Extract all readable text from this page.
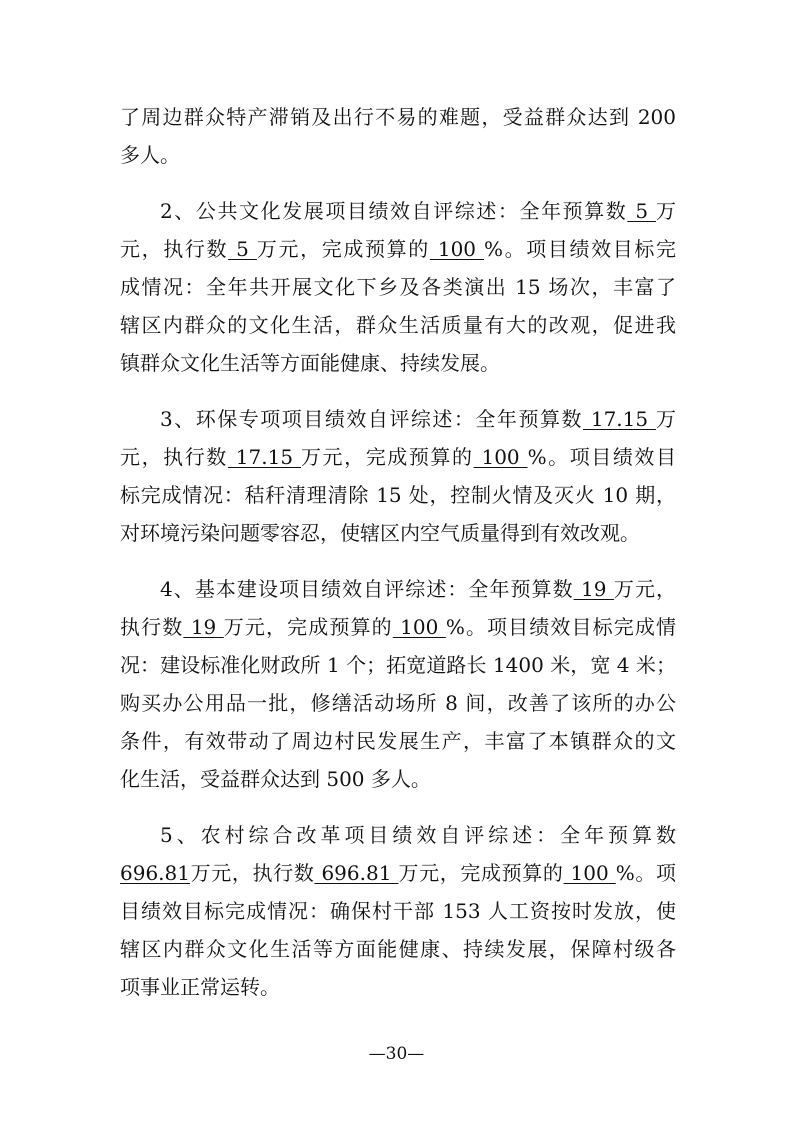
了周边群众特产滞销及出行不易的难题，受益群众达到 200
多人。
2、公共文化发展项目绩效自评综述：全年预算数 5 万
元，执行数 5 万元，完成预算的 100 %。项目绩效目标完
成情况：全年共开展文化下乡及各类演出 15 场次，丰富了
辖区内群众的文化生活，群众生活质量有大的改观，促进我
镇群众文化生活等方面能健康、持续发展。
3、环保专项项目绩效自评综述：全年预算数 17.15 万
元，执行数 17.15 万元，完成预算的 100 %。项目绩效目
标完成情况：秸秆清理清除 15 处，控制火情及灭火 10 期，
对环境污染问题零容忍，使辖区内空气质量得到有效改观。
4、基本建设项目绩效自评综述：全年预算数 19 万元，
执行数 19 万元，完成预算的 100 %。项目绩效目标完成情
况：建设标准化财政所 1 个；拓宽道路长 1400 米，宽 4 米；
购买办公用品一批，修缮活动场所 8 间，改善了该所的办公
条件，有效带动了周边村民发展生产，丰富了本镇群众的文
化生活，受益群众达到 500 多人。
5、农村综合改革项目绩效自评综述：全年预算数
696.81万元，执行数 696.81 万元，完成预算的 100 %。项
目绩效目标完成情况：确保村干部 153 人工资按时发放，使
辖区内群众文化生活等方面能健康、持续发展，保障村级各
项事业正常运转。
—30—
